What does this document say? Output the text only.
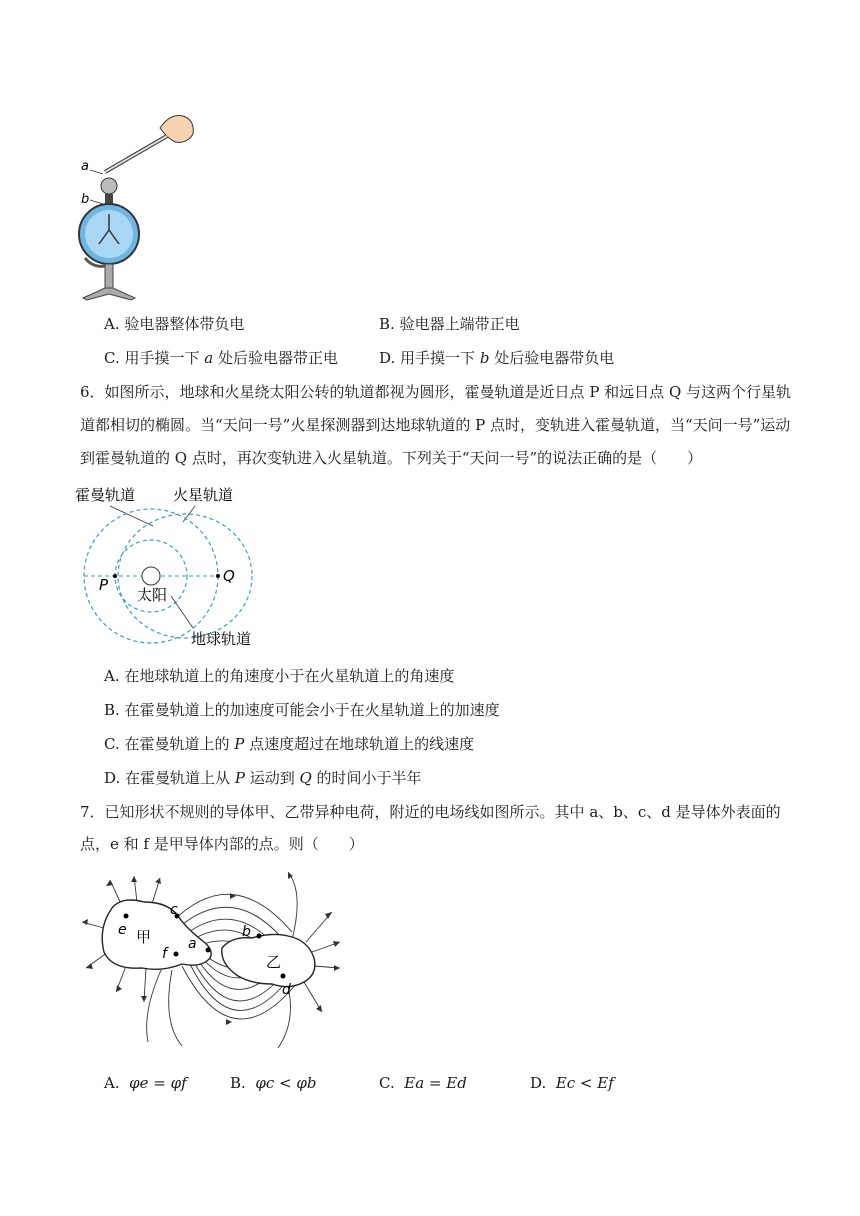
a
b
A. 验电器整体带负电	B. 验电器上端带正电
C. 用手摸一下 a 处后验电器带正电	D. 用手摸一下 b 处后验电器带负电
6．如图所示，地球和火星绕太阳公转的轨道都视为圆形，霍曼轨道是近日点 P 和远日点 Q 与这两个行星轨
道都相切的椭圆。当“天问一号”火星探测器到达地球轨道的 P 点时，变轨进入霍曼轨道，当“天问一号”运动
到霍曼轨道的 Q 点时，再次变轨进入火星轨道。下列关于“天问一号”的说法正确的是（　　）
霍曼轨道	火星轨道
太阳
P	Q
地球轨道
A. 在地球轨道上的角速度小于在火星轨道上的角速度
B. 在霍曼轨道上的加速度可能会小于在火星轨道上的加速度
C. 在霍曼轨道上的 P 点速度超过在地球轨道上的线速度
D. 在霍曼轨道上从 P 运动到 Q 的时间小于半年
7．已知形状不规则的导体甲、乙带异种电荷，附近的电场线如图所示。其中 a、b、c、d 是导体外表面的
点，e 和 f 是甲导体内部的点。则（　　）
甲
乙
e
c
f
a
b
d
A. φe = φf	B. φc < φb	C. Ea = Ed	D. Ec < Ef
